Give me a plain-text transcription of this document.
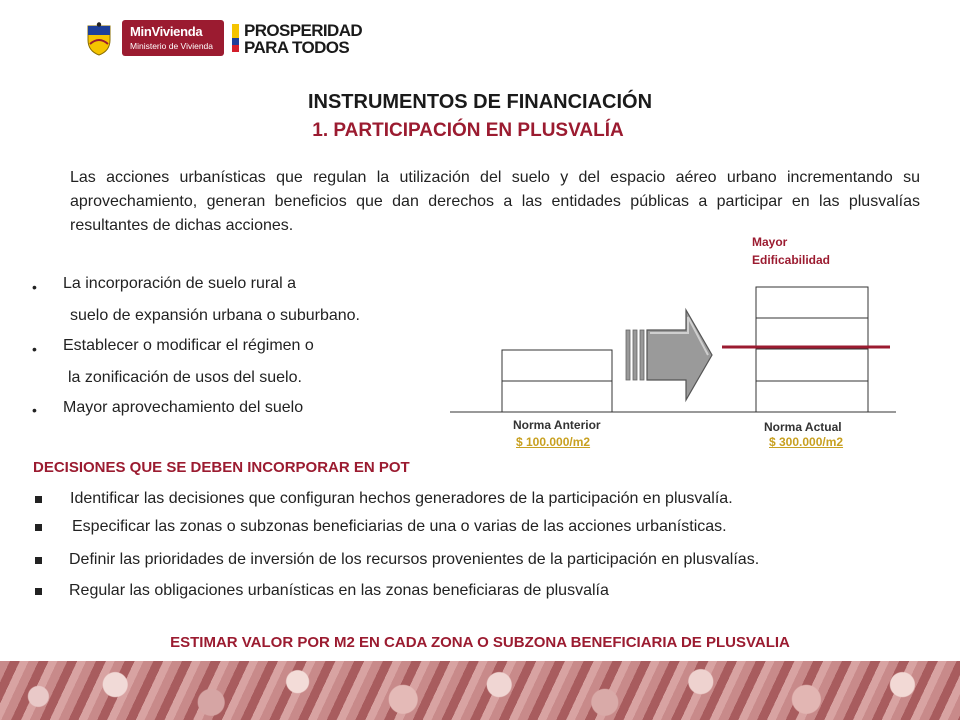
MinVivienda
Ministerio de Vivienda
PROSPERIDAD
PARA TODOS
INSTRUMENTOS DE FINANCIACIÓN
1. PARTICIPACIÓN EN PLUSVALÍA
Las acciones urbanísticas que regulan la utilización del suelo y del espacio aéreo urbano incrementando su aprovechamiento, generan beneficios que dan derechos a las entidades públicas a participar en las plusvalías resultantes de dichas acciones.
• La incorporación de suelo rural a
suelo de expansión urbana o suburbano.
• Establecer o modificar el régimen o
la zonificación de usos del suelo.
• Mayor aprovechamiento del suelo
Mayor
Edificabilidad
Norma Anterior
$ 100.000/m2
Norma Actual
$ 300.000/m2
DECISIONES QUE SE DEBEN INCORPORAR EN POT
Identificar las decisiones que configuran hechos generadores de la participación en plusvalía.
Especificar las zonas o subzonas beneficiarias de una o varias de las acciones urbanísticas.
Definir las prioridades de inversión de los recursos provenientes de la participación en plusvalías.
Regular las obligaciones urbanísticas en las zonas beneficiaras de plusvalía
ESTIMAR VALOR POR M2 EN CADA ZONA O SUBZONA BENEFICIARIA DE PLUSVALIA
